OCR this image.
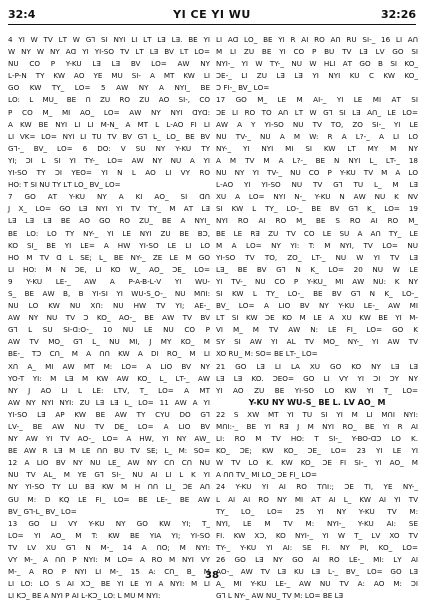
32:4	YI CE YI WU	32:26
4 YI W TV ꓡT W Gꓶ SI NYI ꓡI ꓡT ꓡꓱ ꓡꓱ. BE YI
W NY W NY ꓮꓷ YI YI-SO TV ꓡT ꓡꓱ BV ꓡT ꓡO=
NU CO P Y-KU ꓡꓱ ꓡꓱ BV ꓡO= ꓮW NY
ꓡ-P-N TY KW ꓮO YE MU SI- ꓮ MT KW ꓡI
GO KW TY_ ꓡO= 5 ꓮW NY ꓮ NYI_ BE
ꓡO: ꓡ MU_ BE ꓵ ZU RO ZU ꓮO SI-, CO
P CO M_ MI ꓮO_ ꓡO= ꓮW NY NYI ꓷYꓷ:
ꓮ KW BE NYI ꓡI ꓡI M-N_ ꓮ MT ꓡ ꓡ-ꓮO FI ꓡI
ꓡI VK= ꓡO= NYI ꓡI TU TV BV Gꓶ ꓡ_ ꓡO_ BE BV
Gꓶ-_ BV_ ꓡO= 6 DO: V SU NY Y-KU TY
YI; ꓛI ꓡ SI YI TY-_ ꓡO= ꓮW NY NU ꓮ YI
YI-SO TY ꓛI YEO= YI N ꓡ ꓮO ꓡI VY RO
HO: T SI NU TY ꓡT ꓡO_ BV_ ꓡO=
7 GO ꓮT Y-KU NY ꓮ KI ꓮO_ SI ꓷꓵ
J X_ ꓡO= GO ꓡꓱ NYI YI TV TY_ M ꓮT ꓡꓱ
ꓡꓱ ꓡꓱ ꓡꓱ BE ꓮO GO RO ZU_ BE A NYI_
BE ꓡO: ꓡO TY NY-_ YI ꓡE NYI ZU BE Bꓛ,
KO SI_ BE YI ꓡE= A HW YI-SO ꓡE ꓡI ꓡO
HO M TV ꓷ ꓡ SE; ꓡ_ BE NY-_ ZE ꓡE M GO
ꓡI HO: M N ꓛE, ꓡI KO W_ ꓮO_ ꓛE_ ꓡO=
9 Y-KU ꓡE-_ ꓮW A P-A-B-ꓡ-V YI WU-
S_ BE ꓮW B, B YI-SI YI WU-S_O-_ NU MꓵI:
NU ꓡO KW NU Xꓵ: NU HW TV YI; ꓮE-_
ꓮW NY NU TV ꓛ KO_ ꓮO-_ BE ꓮW TV BV
Gꓶ ꓡ SU SI-ꓷ:O-_ 10 NU ꓡE NU CO P
ꓮW TV MO_ Gꓶ ꓡ_ NU MI, J MY KO_ M
BE-_ Tꓛ Cꓵ_ M A ꓵꓵ KW A DI RO_ M ꓡI
Xꓵ ꓮ_ MI ꓮW MT M: ꓡO= A ꓡIO BV NY
YO-T YI: M ꓡꓱ M KW ꓮW KO_ ꓡ_ ꓡT-_ ꓮW
NY J ꓮO ꓡI ꓡ ꓡE: ꓡTV, T_ ꓡO= ꓮ MT
ꓮW NY NYI NYI: ZU ꓡꓱ ꓡꓱ ꓡ_ ꓡO= 11 ꓮW A YI
YI-SO ꓡꓱ ꓮP KW BE ꓮW TY CYU DO Gꓶ
ꓡV-_ BE ꓮW NU TV DE_ ꓡO= A ꓡIO BV
NY ꓮW YI TV ꓮO-_ ꓡO= A HW, YI NY ꓮW_
BE ꓮW R ꓡꓱ M ꓡE ꓵꓵ BU TV SE; ꓡ_ M: SO=
12 A ꓡIO BV NY NU ꓡE_ ꓮW NY Cꓵ Cꓵ NU
NU TV ꓮꓡ_ M YE Gꓶ SI-_ NU ꓮI ꓡI ꓡ K YI
NY YI-SO TY ꓡU Bꓱ KW M H ꓵꓵ ꓡI_ ꓛE ꓮꓵ
GU M: D KQ ꓡE FI_ ꓡO= BE ꓡE-_ BE ꓮW
BV_ Gꓶ-ꓡ_ BV_ ꓡO=
13 GO ꓡI VY Y-KU NY GO KW YI; T_
ꓡO= YI ꓮO_ M T: KW BE YIA YI; YI-SO
TV ꓡV XU Gꓶ N M-_ 14 A ꓵO; M NYI:
VY M-_ A ꓵꓵ P NYI: M ꓡO= A RO M NYI VY
M-_ A RO P NYI ꓡI M-_ 15 A: Cꓵ_ B_ M
ꓡI ꓡO: ꓡO S ꓮI Xꓛ_ BE YI ꓡE YI A NYI: M ꓡI
ꓡI Kꓛ_ BE A NYI P ꓮI ꓡ-Kꓛ_ ꓡO: ꓡ MU M NYI:
ꓡI ꓮꓷ ꓡO_ BE YI R ꓮI RO ꓮꓵ RU SI-_ 16 ꓡI ꓮꓵ
M ꓡI ZU BE YI CO P BU TV ꓡꓱ ꓡV GO SI
NYI-_ YI W TY-_ NU W HꓡI ꓮT GO B SI KO_
ꓛE-_ ꓡI ZU ꓡꓱ ꓡꓱ YI NYI KU C KW KO_
ꓛ FI-_ BV_ ꓡO=
17 GO M_ ꓡE M ꓮI-_ YI ꓡE MI ꓮT SI
ꓛE ꓡI RO TO ꓮꓵ ꓡT W Gꓶ SI ꓡꓱ ꓮꓵ_ ꓡE ꓡO=
ꓮW A Y YI-SO NU TV TO, ZO SI-_ YI ꓡE
NU TV-_ NU A M W: R A ꓡ?-_ A ꓡI ꓡO
NY-_ YI NYI MI SI KW ꓡT MY M NY
A M TV M A ꓡ?-_ BE N NYI ꓡ_ ꓡT-_ 18
NU NY YI TV-_ NU CO P Y-KU TV M A ꓡO
ꓡ-ꓮO YI YI-SO NU TV Gꓶ TU ꓡ_ M ꓡꓱ
XU A ꓡO= NYI N-_ Y-KU N ꓮW NU K NV
SI KW ꓡ TY_ ꓡO-_ BE BV Gꓶ K_ ꓡO= 19
NYI RO ꓮI RO M_ BE S RO ꓮI RO M_
BE ꓡE Rꓱ ZU TV CO ꓡE SU A ꓮꓵ TY_ ꓡE
M A ꓡO= NY YI: T: M NYI, TV ꓡO= NU
YI-SO TV TO, ZO_ ꓡT-_ NU W YI TV ꓡꓱ
ꓡꓱ_ BE BV Gꓶ N K_ ꓡO= 20 NU W ꓡE
YI TV-_ NU CO P Y-KU_ MI ꓮW NU: K NY
SI KW ꓡ TY_ ꓡO-_ BE BV Gꓶ N K_ ꓡO-_
BV_ ꓡO= A ꓡIO BV NY Y-KU ꓡE-_ ꓮW MI
ꓡT SI KW ꓛE KO M ꓡE ꓮ XU KW BE YI M-
VI M_ M TV ꓮW N: ꓡE FI_ ꓡO= GO K
SY SI ꓮW YI ꓮꓡ TV MO_ NY-_ YI ꓮW TV
XO RU_ M: SO= BE ꓡT-_ ꓡO=
21 GO ꓡꓱ ꓡI ꓡA XU GO KO NY ꓡꓱ ꓡꓱ
ꓡꓱ ꓡꓱ KO. ꓛEO= GO ꓡI VY YI ꓛI ꓛY NY
YI ꓮO ZU BE YI-SO ꓡO KW YI T_ ꓡO=
Y-KU NY WU-S_ BE ꓡ. ꓡV ꓮO_ M
22 S XW MT YI TU SI YI M ꓡI MꓵI NYI:
MꓵI:-_ BE YI Rꓱ J M NYI RO_ BE YI R ꓮI
ꓡI: RO M TV HO: T SI-_ Y-BO-ꓷꓛ ꓡO K.
KO_ ꓛE; KW KO_ ꓛE_ ꓡO= 23 YI ꓡE YI
W TV ꓡO K. KW KO_ ꓛE FI SI-_ YI ꓮO_ M
A ꓵꓵ TV_ MI ꓡO_ ꓛE FI_ ꓡO=
24 Y-KU YI ꓮI RO TꓵI:; ꓛE TI, YE NY-_
ꓡ ꓮI ꓮI RO NY MI ꓮT ꓮI ꓡ_ KW ꓮI YI TV
TY_ ꓡO_ ꓡO= 25 YI NY Y-KU TV M:
NYI, ꓡE M TV M: NYI-_ Y-KU ꓮI: SE
FI. KW Xꓛ, KO NYI-_ YI W T_ ꓡV XO TV
TY-_ Y-KU YI ꓮI: SE FI. NY PI, KO_ ꓡO=
26 GO ꓡꓱ NY GO ꓮI RO ꓡE-_ MI: ꓡY ꓮI
ꓮO-_ ꓮW TV ꓡꓱ KU ꓡꓱ ꓡ-_ BV_ ꓡO= GO ꓡꓱ
A_ MI Y-KU ꓡE-_ ꓮW NU TV ꓮ: ꓮO M: ꓛI
Gꓶ ꓡ NY-_ ꓮW NU_ TV M: ꓡO= BE ꓡꓱ
38
